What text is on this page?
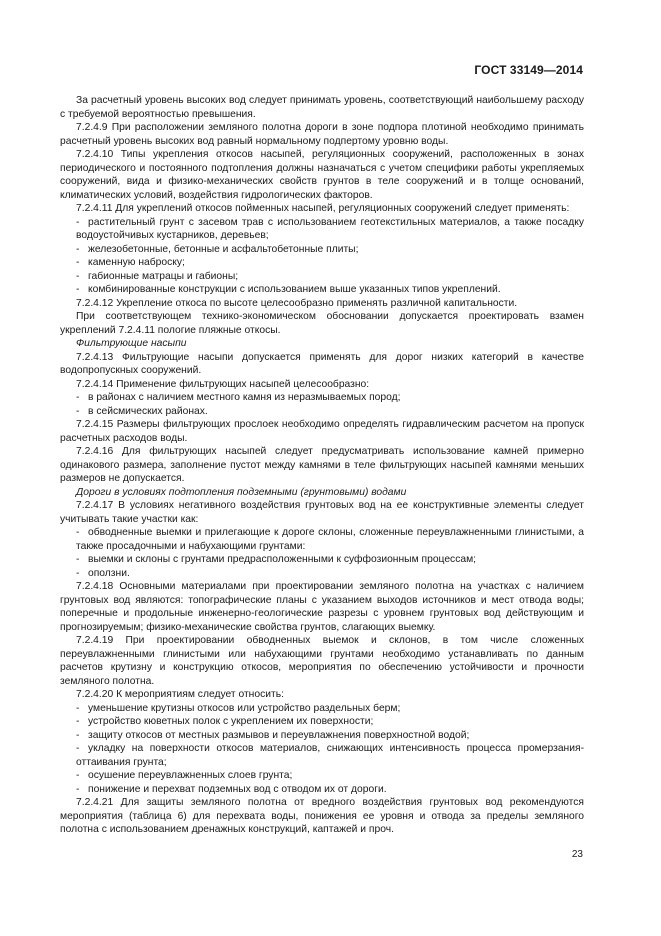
ГОСТ 33149—2014

За расчетный уровень высоких вод следует принимать уровень, соответствующий наибольшему расходу с требуемой вероятностью превышения.

7.2.4.9 При расположении земляного полотна дороги в зоне подпора плотиной необходимо принимать расчетный уровень высоких вод равный нормальному подпертому уровню воды.

7.2.4.10 Типы укрепления откосов насыпей, регуляционных сооружений, расположенных в зонах периодического и постоянного подтопления должны назначаться с учетом специфики работы укрепляемых сооружений, вида и физико-механических свойств грунтов в теле сооружений и в толще оснований, климатических условий, воздействия гидрологических факторов.

7.2.4.11 Для укреплений откосов пойменных насыпей, регуляционных сооружений следует применять:

- растительный грунт с засевом трав с использованием геотекстильных материалов, а также посадку водоустойчивых кустарников, деревьев;

- железобетонные, бетонные и асфальтобетонные плиты;

- каменную наброску;

- габионные матрацы и габионы;

- комбинированные конструкции с использованием выше указанных типов укреплений.

7.2.4.12 Укрепление откоса по высоте целесообразно применять различной капитальности.

При соответствующем технико-экономическом обосновании допускается проектировать взамен укреплений 7.2.4.11 пологие пляжные откосы.

Фильтрующие насыпи

7.2.4.13 Фильтрующие насыпи допускается применять для дорог низких категорий в качестве водопропускных сооружений.

7.2.4.14 Применение фильтрующих насыпей целесообразно:

- в районах с наличием местного камня из неразмываемых пород;

- в сейсмических районах.

7.2.4.15 Размеры фильтрующих прослоек необходимо определять гидравлическим расчетом на пропуск расчетных расходов воды.

7.2.4.16 Для фильтрующих насыпей следует предусматривать использование камней примерно одинакового размера, заполнение пустот между камнями в теле фильтрующих насыпей камнями меньших размеров не допускается.

Дороги в условиях подтопления подземными (грунтовыми) водами

7.2.4.17 В условиях негативного воздействия грунтовых вод на ее конструктивные элементы следует учитывать такие участки как:

- обводненные выемки и прилегающие к дороге склоны, сложенные переувлажненными глинистыми, а также просадочными и набухающими грунтами:

- выемки и склоны с грунтами предрасположенными к суффозионным процессам;

- оползни.

7.2.4.18 Основными материалами при проектировании земляного полотна на участках с наличием грунтовых вод являются: топографические планы с указанием выходов источников и мест отвода воды; поперечные и продольные инженерно-геологические разрезы с уровнем грунтовых вод действующим и прогнозируемым; физико-механические свойства грунтов, слагающих выемку.

7.2.4.19 При проектировании обводненных выемок и склонов, в том числе сложенных переувлажненными глинистыми или набухающими грунтами необходимо устанавливать по данным расчетов крутизну и конструкцию откосов, мероприятия по обеспечению устойчивости и прочности земляного полотна.

7.2.4.20 К мероприятиям следует относить:

- уменьшение крутизны откосов или устройство раздельных берм;

- устройство кюветных полок с укреплением их поверхности;

- защиту откосов от местных размывов и переувлажнения поверхностной водой;

- укладку на поверхности откосов материалов, снижающих интенсивность процесса промерзания-оттаивания грунта;

- осушение переувлажненных слоев грунта;

- понижение и перехват подземных вод с отводом их от дороги.

7.2.4.21 Для защиты земляного полотна от вредного воздействия грунтовых вод рекомендуются мероприятия (таблица 6) для перехвата воды, понижения ее уровня и отвода за пределы земляного полотна с использованием дренажных конструкций, каптажей и проч.

23
